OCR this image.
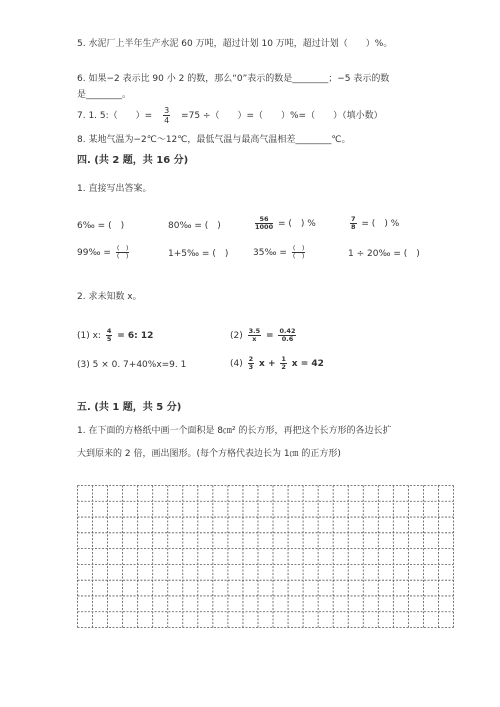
5. 水泥厂上半年生产水泥 60 万吨，超过计划 10 万吨，超过计划（　　）%。
6. 如果−2 表示比 90 小 2 的数，那么“0”表示的数是________；−5 表示的数
是________。
7. 1. 5:（　　）= $\frac{3}{4} =75$ ÷（　　）=（　　）%=（　　）（填小数）
8. 某地气温为−2℃～12℃，最低气温与最高气温相差________℃。
四. (共 2 题，共 16 分)
1. 直接写出答案。
6‰ = (　)	80‰ = (　)	$\frac{56}{1000}$ = (　) %	$\frac{7}{8}$ = (　) %
99‰ = $\frac{( )}{( )}$	1+5‰ = (　)	35‰ = $\frac{( )}{( )}$	1 ÷ 20‰ = (　)
2. 求未知数 x。
(1) x: $\frac{4}{5} = 6$: 12	$(2) \frac{3.5}{x} = \frac{0.42}{0.6}$
(3) 5 × 0. 7+40%x=9. 1	$(4) \frac{2}{3}$ $x + \frac{1}{2}$ x = 42
五. (共 1 题，共 5 分)
1. 在下面的方格纸中画一个面积是 8㎝² 的长方形，再把这个长方形的各边长扩
大到原来的 2 倍，画出图形。(每个方格代表边长为 1㎝ 的正方形)
